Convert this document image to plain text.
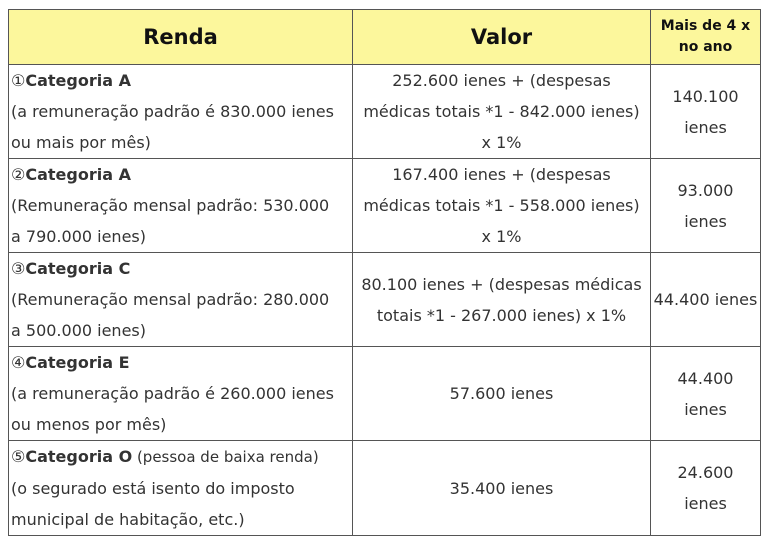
Renda	Valor	Mais de 4 x
no ano

①Categoria A
(a remuneração padrão é 830.000 ienes
ou mais por mês)	252.600 ienes + (despesas
médicas totais *1 - 842.000 ienes)
x 1%	140.100
ienes

②Categoria A
(Remuneração mensal padrão: 530.000
a 790.000 ienes)	167.400 ienes + (despesas
médicas totais *1 - 558.000 ienes)
x 1%	93.000
ienes

③Categoria C
(Remuneração mensal padrão: 280.000
a 500.000 ienes)	80.100 ienes + (despesas médicas
totais *1 - 267.000 ienes) x 1%	44.400 ienes

④Categoria E
(a remuneração padrão é 260.000 ienes
ou menos por mês)	57.600 ienes	44.400
ienes

⑤Categoria O (pessoa de baixa renda)
(o segurado está isento do imposto
municipal de habitação, etc.)	35.400 ienes	24.600
ienes
